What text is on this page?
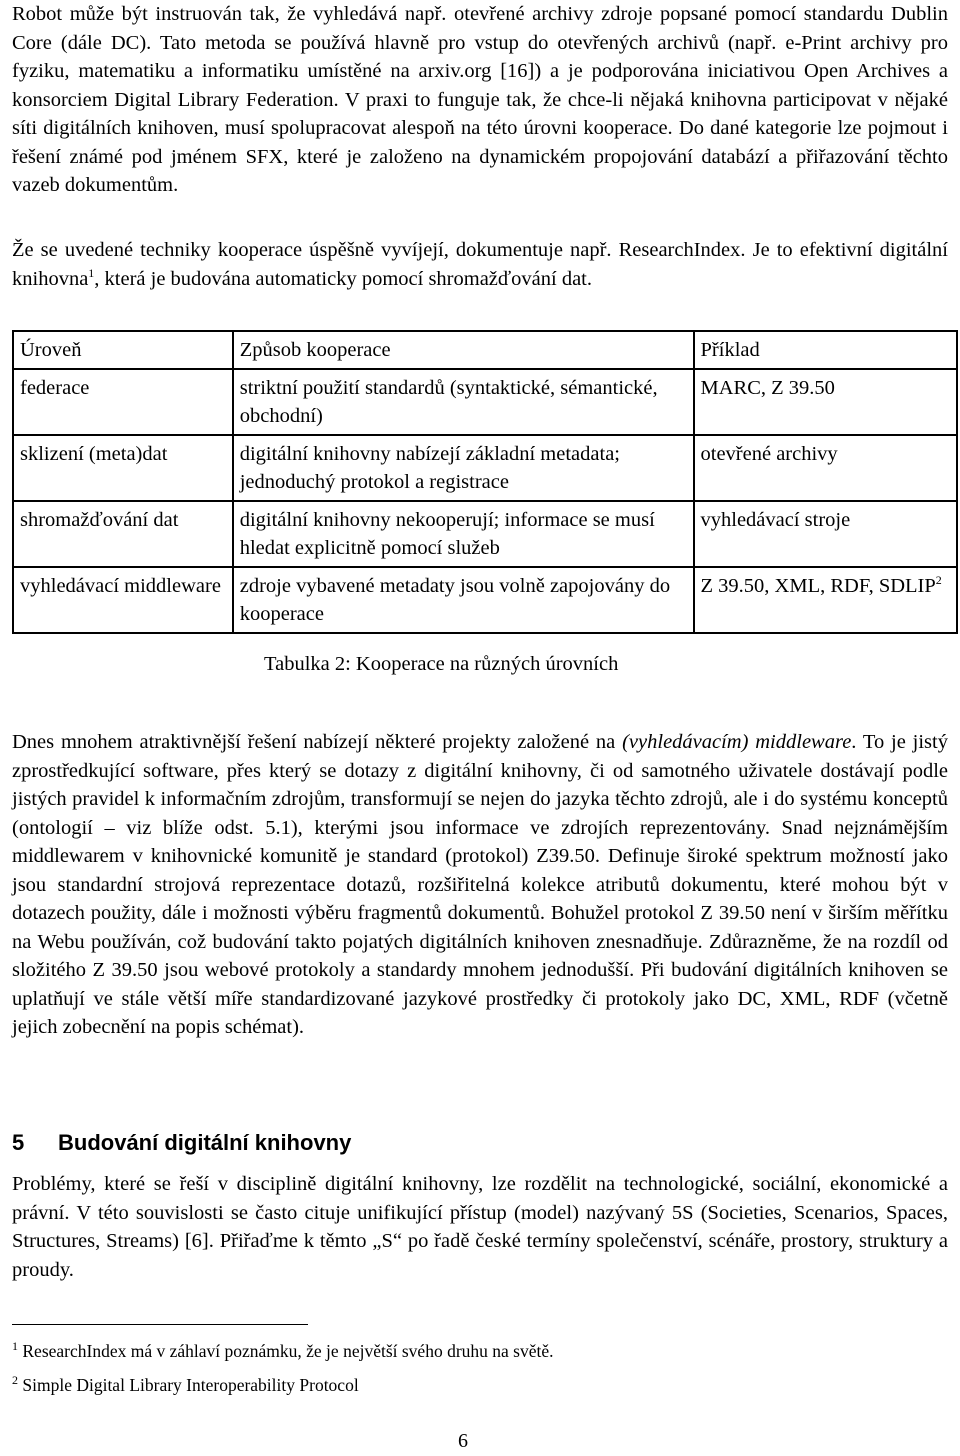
Robot může být instruován tak, že vyhledává např. otevřené archivy zdroje popsané pomocí standardu Dublin Core (dále DC). Tato metoda se používá hlavně pro vstup do otevřených archivů (např. e-Print archivy pro fyziku, matematiku a informatiku umístěné na arxiv.org [16]) a je podporována iniciativou Open Archives a konsorciem Digital Library Federation. V praxi to funguje tak, že chce-li nějaká knihovna participovat v nějaké síti digitálních knihoven, musí spolupracovat alespoň na této úrovni kooperace. Do dané kategorie lze pojmout i řešení známé pod jménem SFX, které je založeno na dynamickém propojování databází a přiřazování těchto vazeb dokumentům.

Že se uvedené techniky kooperace úspěšně vyvíjejí, dokumentuje např. ResearchIndex. Je to efektivní digitální knihovna$^1$, která je budována automaticky pomocí shromažďování dat.

Úroveň	Způsob kooperace	Příklad
federace	striktní použití standardů (syntaktické, sémantické, obchodní)	MARC, Z 39.50
sklizení (meta)dat	digitální knihovny nabízejí základní metadata; jednoduchý protokol a registrace	otevřené archivy
shromažďování dat	digitální knihovny nekooperují; informace se musí hledat explicitně pomocí služeb	vyhledávací stroje
vyhledávací middleware	zdroje vybavené metadaty jsou volně zapojovány do kooperace	Z 39.50, XML, RDF, SDLIP$^2$
Tabulka 2: Kooperace na různých úrovních

Dnes mnohem atraktivnější řešení nabízejí některé projekty založené na (vyhledávacím) middleware. To je jistý zprostředkující software, přes který se dotazy z digitální knihovny, či od samotného uživatele dostávají podle jistých pravidel k informačním zdrojům, transformují se nejen do jazyka těchto zdrojů, ale i do systému konceptů (ontologií – viz blíže odst. 5.1), kterými jsou informace ve zdrojích reprezentovány. Snad nejznámějším middlewarem v knihovnické komunitě je standard (protokol) Z39.50. Definuje široké spektrum možností jako jsou standardní strojová reprezentace dotazů, rozšiřitelná kolekce atributů dokumentu, které mohou být v dotazech použity, dále i možnosti výběru fragmentů dokumentů. Bohužel protokol Z 39.50 není v širším měřítku na Webu používán, což budování takto pojatých digitálních knihoven znesnadňuje. Zdůrazněme, že na rozdíl od složitého Z 39.50 jsou webové protokoly a standardy mnohem jednodušší. Při budování digitálních knihoven se uplatňují ve stále větší míře standardizované jazykové prostředky či protokoly jako DC, XML, RDF (včetně jejich zobecnění na popis schémat).

5 Budování digitální knihovny

Problémy, které se řeší v disciplině digitální knihovny, lze rozdělit na technologické, sociální, ekonomické a právní. V této souvislosti se často cituje unifikující přístup (model) nazývaný 5S (Societies, Scenarios, Spaces, Structures, Streams) [6]. Přiřaďme k těmto „S“ po řadě české termíny společenství, scénáře, prostory, struktury a proudy.

$^1$ ResearchIndex má v záhlaví poznámku, že je největší svého druhu na světě.
$^2$ Simple Digital Library Interoperability Protocol
6
